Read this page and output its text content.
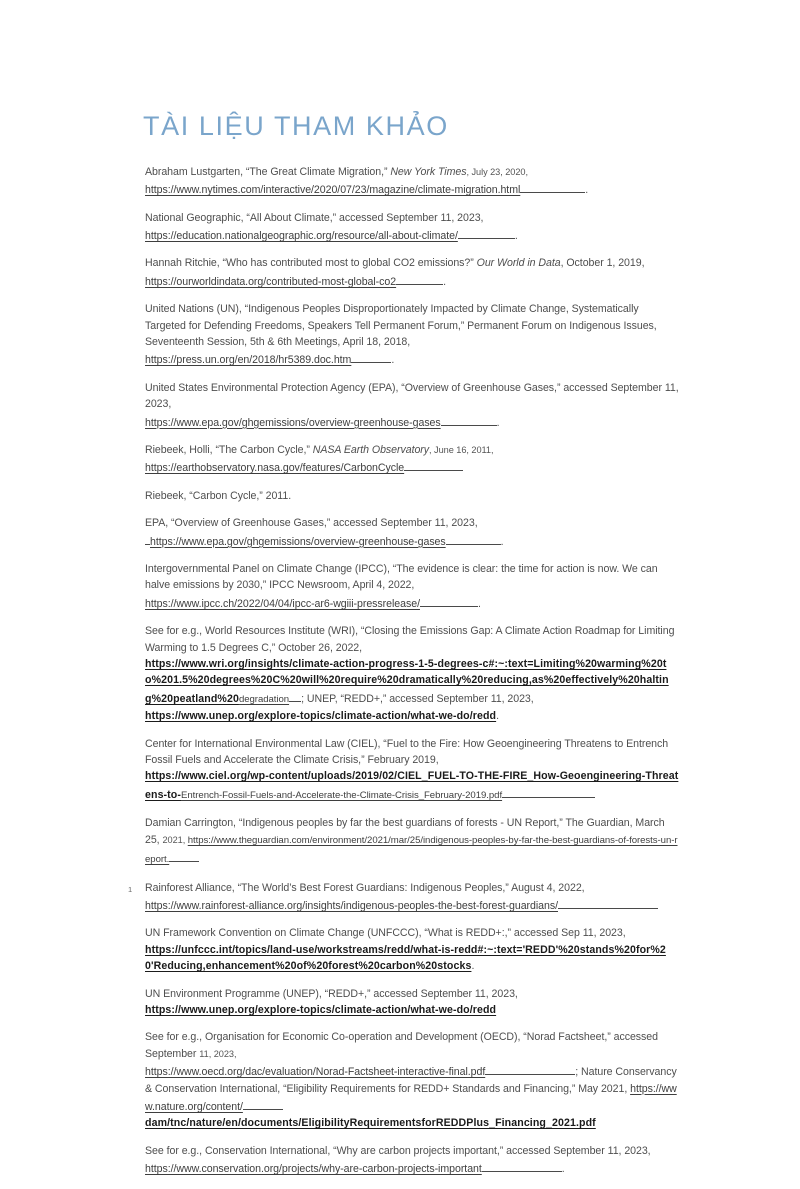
TÀI LIỆU THAM KHẢO

Abraham Lustgarten, “The Great Climate Migration,” New York Times, July 23, 2020,
https://www.nytimes.com/interactive/2020/07/23/magazine/climate-migration.html	.

National Geographic, “All About Climate,” accessed September 11, 2023,
https://education.nationalgeographic.org/resource/all-about-climate/	.

Hannah Ritchie, “Who has contributed most to global CO2 emissions?” Our World in Data, October 1, 2019,
https://ourworldindata.org/contributed-most-global-co2	.

United Nations (UN), “Indigenous Peoples Disproportionately Impacted by Climate Change, Systematically Targeted for Defending Freedoms, Speakers Tell Permanent Forum,” Permanent Forum on Indigenous Issues, Seventeenth Session, 5th & 6th Meetings, April 18, 2018,
https://press.un.org/en/2018/hr5389.doc.htm	.

United States Environmental Protection Agency (EPA), “Overview of Greenhouse Gases,” accessed September 11, 2023,
https://www.epa.gov/ghgemissions/overview-greenhouse-gases	.

Riebeek, Holli, “The Carbon Cycle,” NASA Earth Observatory, June 16, 2011,
https://earthobservatory.nasa.gov/features/CarbonCycle

Riebeek, “Carbon Cycle,” 2011.

EPA, “Overview of Greenhouse Gases,” accessed September 11, 2023,
https://www.epa.gov/ghgemissions/overview-greenhouse-gases	.

Intergovernmental Panel on Climate Change (IPCC), “The evidence is clear: the time for action is now. We can halve emissions by 2030,” IPCC Newsroom, April 4, 2022,
https://www.ipcc.ch/2022/04/04/ipcc-ar6-wgiii-pressrelease/	.

See for e.g., World Resources Institute (WRI), “Closing the Emissions Gap: A Climate Action Roadmap for Limiting Warming to 1.5 Degrees C,” October 26, 2022,
https://www.wri.org/insights/climate-action-progress-1-5-degrees-c#:~:text=Limiting%20warming%20to%201.5%20degrees%20C%20will%20require%20dramatically%20reducing,as%20effectively%20halting%20peatland%20degradation ; UNEP, “REDD+,” accessed September 11, 2023,
https://www.unep.org/explore-topics/climate-action/what-we-do/redd.

Center for International Environmental Law (CIEL), “Fuel to the Fire: How Geoengineering Threatens to Entrench Fossil Fuels and Accelerate the Climate Crisis,” February 2019,
https://www.ciel.org/wp-content/uploads/2019/02/CIEL_FUEL-TO-THE-FIRE_How-Geoengineering-Threatens-to-Entrench-Fossil-Fuels-and-Accelerate-the-Climate-Crisis_February-2019.pdf

Damian Carrington, “Indigenous peoples by far the best guardians of forests - UN Report,” The Guardian, March 25, 2021, https://www.theguardian.com/environment/2021/mar/25/indigenous-peoples-by-far-the-best-guardians-of-forests-un-report.

1 Rainforest Alliance, “The World’s Best Forest Guardians: Indigenous Peoples,” August 4, 2022,
https://www.rainforest-alliance.org/insights/indigenous-peoples-the-best-forest-guardians/

UN Framework Convention on Climate Change (UNFCCC), “What is REDD+:,” accessed Sep 11, 2023,
https://unfccc.int/topics/land-use/workstreams/redd/what-is-redd#:~:text='REDD'%20stands%20for%20'Reducing,enhancement%20of%20forest%20carbon%20stocks.

UN Environment Programme (UNEP), “REDD+,” accessed September 11, 2023,
https://www.unep.org/explore-topics/climate-action/what-we-do/redd

See for e.g., Organisation for Economic Co-operation and Development (OECD), “Norad Factsheet,” accessed September 11, 2023,
https://www.oecd.org/dac/evaluation/Norad-Factsheet-interactive-final.pdf	; Nature Conservancy & Conservation International, “Eligibility Requirements for REDD+ Standards and Financing,” May 2021, https://www.nature.org/content/
dam/tnc/nature/en/documents/EligibilityRequirementsforREDDPlus_Financing_2021.pdf

See for e.g., Conservation International, “Why are carbon projects important,” accessed September 11, 2023,
https://www.conservation.org/projects/why-are-carbon-projects-important	.
